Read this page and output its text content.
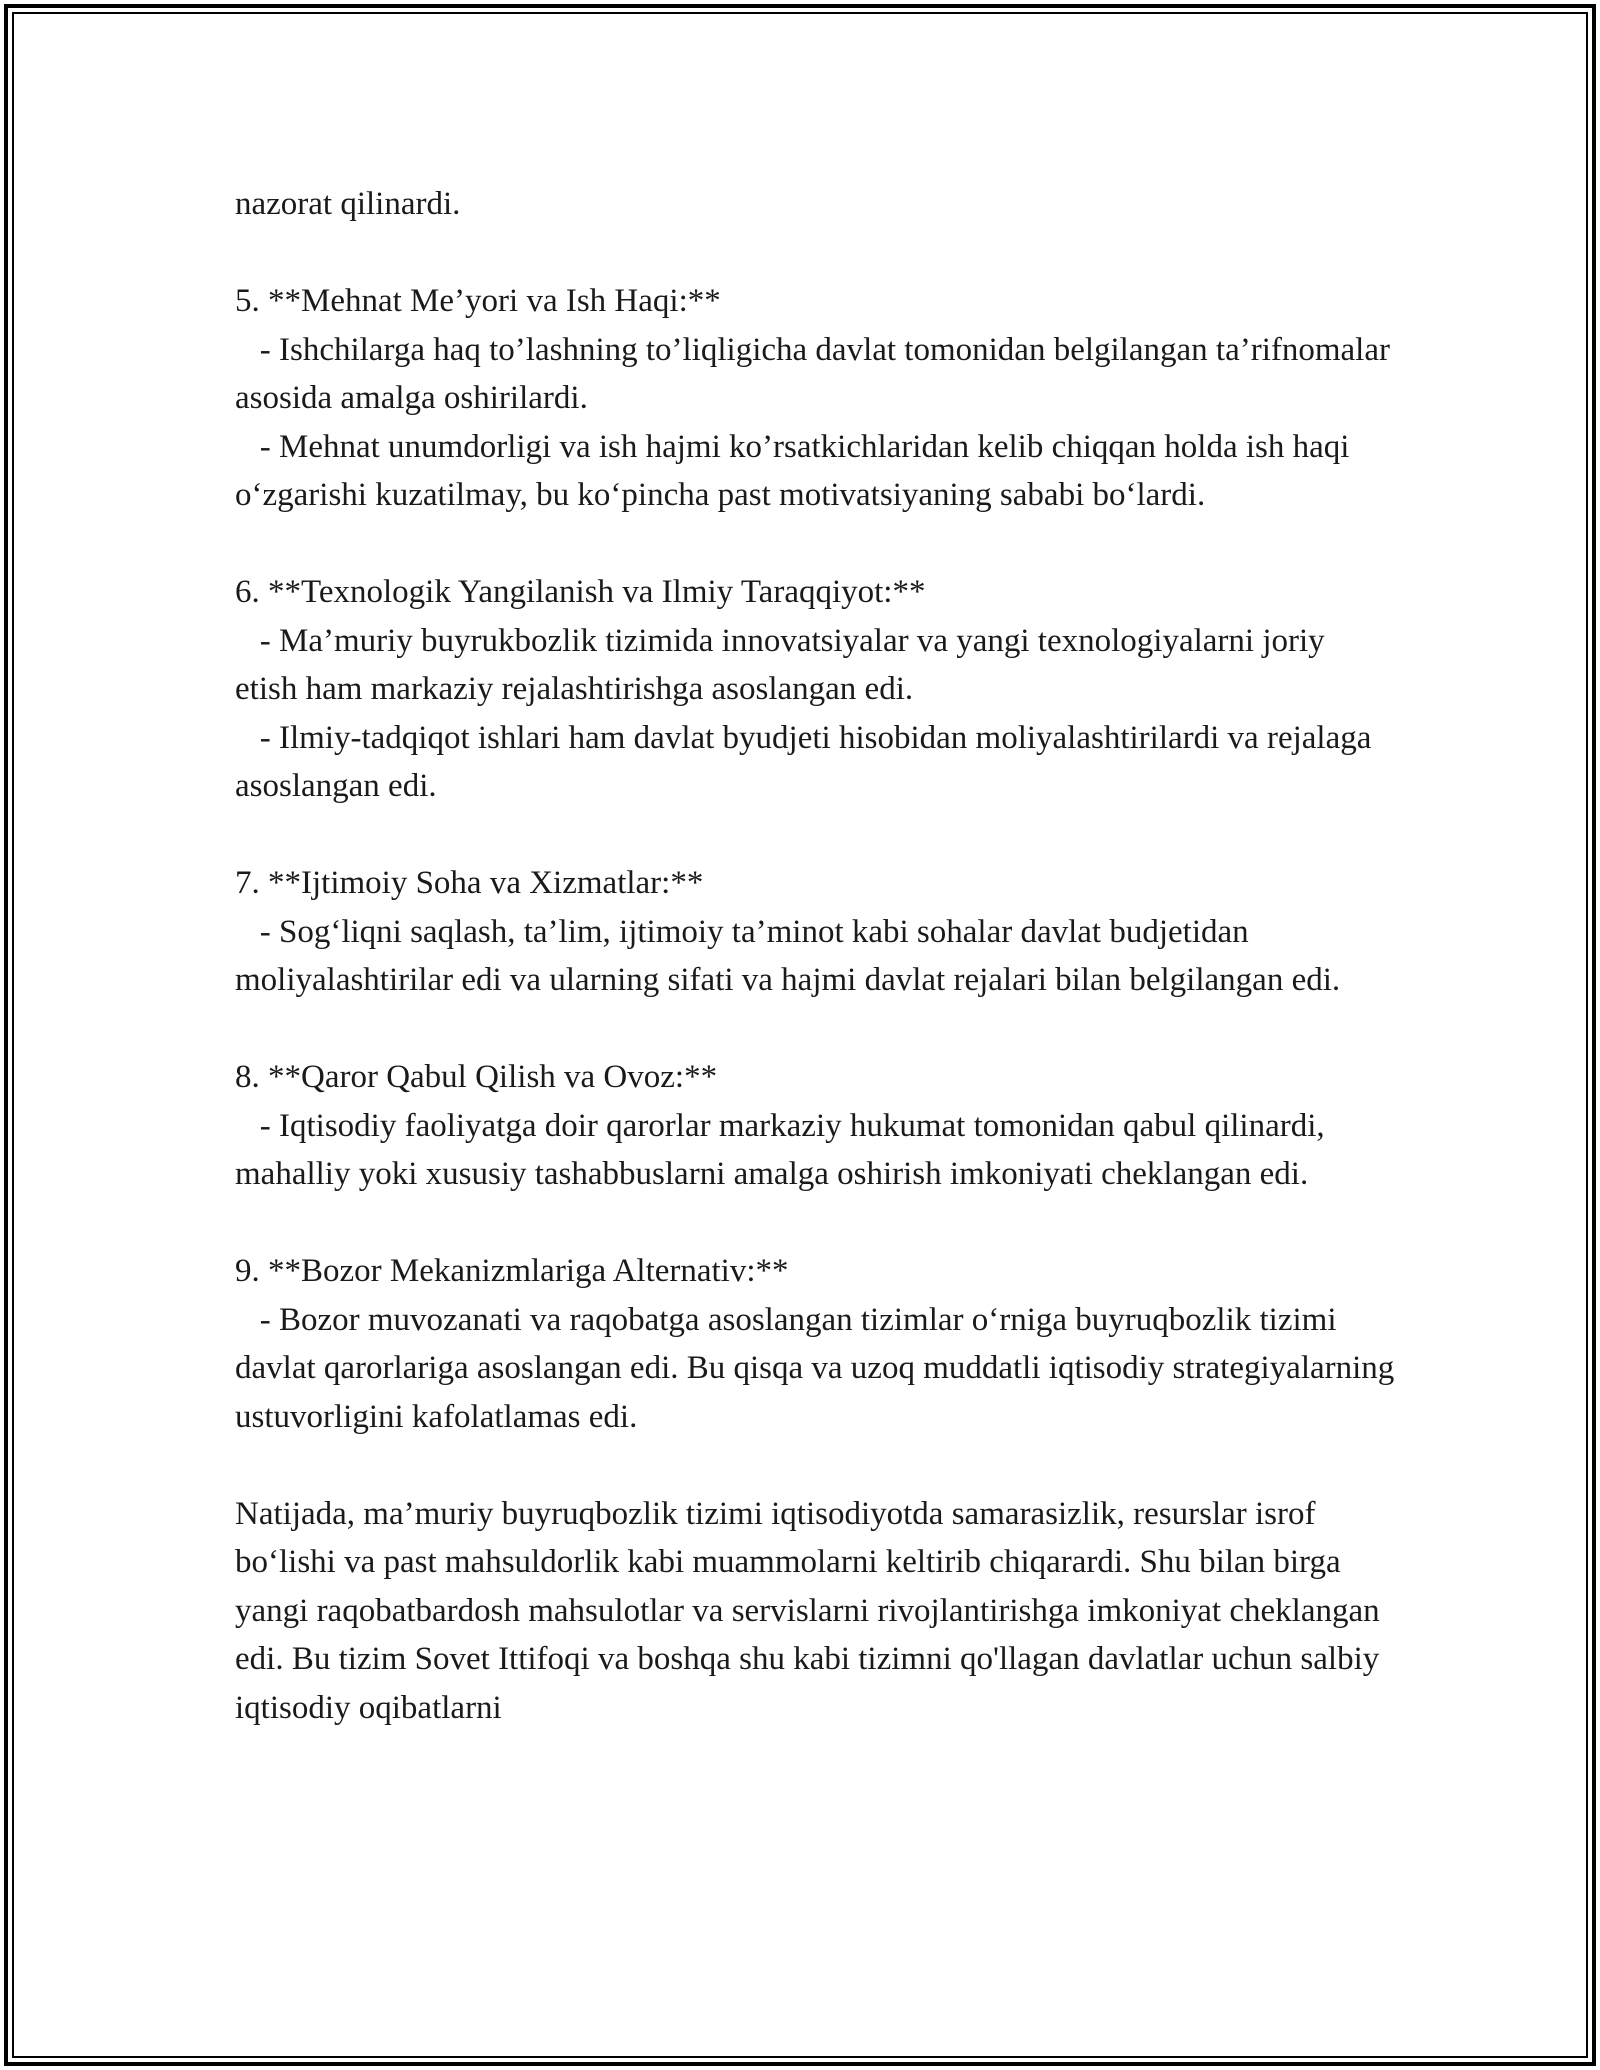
nazorat qilinardi.

5. **Mehnat Me’yori va Ish Haqi:**

- Ishchilarga haq to’lashning to’liqligicha davlat tomonidan belgilangan ta’rifnomalar asosida amalga oshirilardi.

- Mehnat unumdorligi va ish hajmi ko’rsatkichlaridan kelib chiqqan holda ish haqi o‘zgarishi kuzatilmay, bu ko‘pincha past motivatsiyaning sababi bo‘lardi.

6. **Texnologik Yangilanish va Ilmiy Taraqqiyot:**

- Ma’muriy buyrukbozlik tizimida innovatsiyalar va yangi texnologiyalarni joriy etish ham markaziy rejalashtirishga asoslangan edi.

- Ilmiy-tadqiqot ishlari ham davlat byudjeti hisobidan moliyalashtirilardi va rejalaga asoslangan edi.

7. **Ijtimoiy Soha va Xizmatlar:**

- Sog‘liqni saqlash, ta’lim, ijtimoiy ta’minot kabi sohalar davlat budjetidan moliyalashtirilar edi va ularning sifati va hajmi davlat rejalari bilan belgilangan edi.

8. **Qaror Qabul Qilish va Ovoz:**

- Iqtisodiy faoliyatga doir qarorlar markaziy hukumat tomonidan qabul qilinardi, mahalliy yoki xususiy tashabbuslarni amalga oshirish imkoniyati cheklangan edi.

9. **Bozor Mekanizmlariga Alternativ:**

- Bozor muvozanati va raqobatga asoslangan tizimlar o‘rniga buyruqbozlik tizimi davlat qarorlariga asoslangan edi. Bu qisqa va uzoq muddatli iqtisodiy strategiyalarning ustuvorligini kafolatlamas edi.

Natijada, ma’muriy buyruqbozlik tizimi iqtisodiyotda samarasizlik, resurslar isrof bo‘lishi va past mahsuldorlik kabi muammolarni keltirib chiqarardi. Shu bilan birga yangi raqobatbardosh mahsulotlar va servislarni rivojlantirishga imkoniyat cheklangan edi. Bu tizim Sovet Ittifoqi va boshqa shu kabi tizimni qo'llagan davlatlar uchun salbiy iqtisodiy oqibatlarni
